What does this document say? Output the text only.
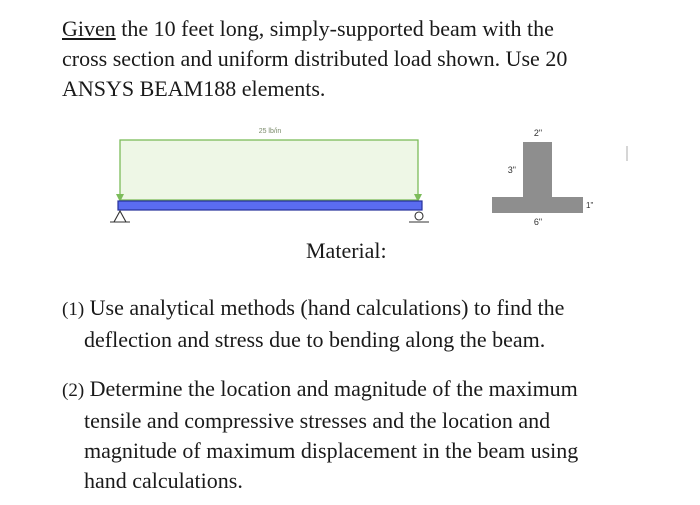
Given the 10 feet long, simply-supported beam with the
cross section and uniform distributed load shown. Use 20
ANSYS BEAM188 elements.
25 lb/in	2"
3"
1"
6"
Material:
(1) Use analytical methods (hand calculations) to find the
deflection and stress due to bending along the beam.
(2) Determine the location and magnitude of the maximum
tensile and compressive stresses and the location and
magnitude of maximum displacement in the beam using
hand calculations.
